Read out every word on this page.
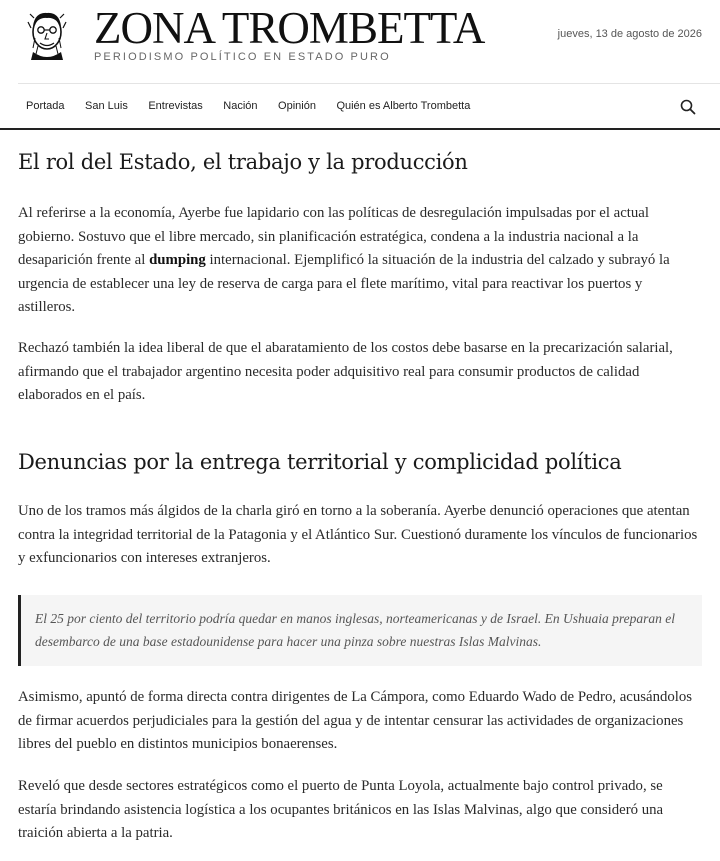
ZONA TROMBETTA
PERIODISMO POLÍTICO EN ESTADO PURO
jueves, 13 de agosto de 2026
Portada	San Luis	Entrevistas	Nación	Opinión	Quién es Alberto Trombetta
El rol del Estado, el trabajo y la producción

Al referirse a la economía, Ayerbe fue lapidario con las políticas de desregulación impulsadas por el actual gobierno. Sostuvo que el libre mercado, sin planificación estratégica, condena a la industria nacional a la desaparición frente al dumping internacional. Ejemplificó la situación de la industria del calzado y subrayó la urgencia de establecer una ley de reserva de carga para el flete marítimo, vital para reactivar los puertos y astilleros.

Rechazó también la idea liberal de que el abaratamiento de los costos debe basarse en la precarización salarial, afirmando que el trabajador argentino necesita poder adquisitivo real para consumir productos de calidad elaborados en el país.

Denuncias por la entrega territorial y complicidad política

Uno de los tramos más álgidos de la charla giró en torno a la soberanía. Ayerbe denunció operaciones que atentan contra la integridad territorial de la Patagonia y el Atlántico Sur. Cuestionó duramente los vínculos de funcionarios y exfuncionarios con intereses extranjeros.

El 25 por ciento del territorio podría quedar en manos inglesas, norteamericanas y de Israel. En Ushuaia preparan el desembarco de una base estadounidense para hacer una pinza sobre nuestras Islas Malvinas.

Asimismo, apuntó de forma directa contra dirigentes de La Cámpora, como Eduardo Wado de Pedro, acusándolos de firmar acuerdos perjudiciales para la gestión del agua y de intentar censurar las actividades de organizaciones libres del pueblo en distintos municipios bonaerenses.

Reveló que desde sectores estratégicos como el puerto de Punta Loyola, actualmente bajo control privado, se estaría brindando asistencia logística a los ocupantes británicos en las Islas Malvinas, algo que consideró una traición abierta a la patria.
